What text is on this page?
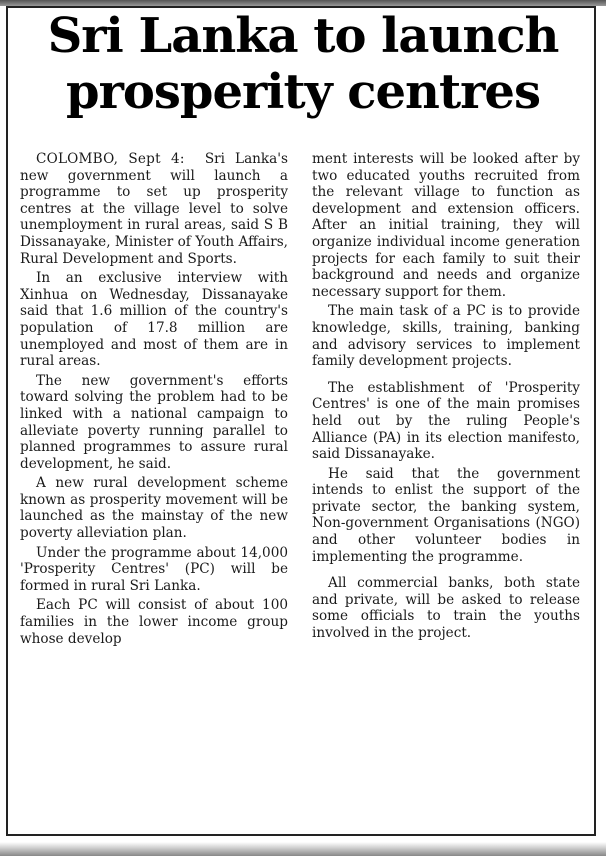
Sri Lanka to launch
prosperity centres

COLOMBO, Sept 4: Sri Lanka's new government will launch a programme to set up prosperity centres at the village level to solve unemployment in rural areas, said S B Dissanayake, Minister of Youth Affairs, Rural Development and Sports.

In an exclusive interview with Xinhua on Wednesday, Dissanayake said that 1.6 million of the country's population of 17.8 million are unemployed and most of them are in rural areas.

The new government's efforts toward solving the problem had to be linked with a national campaign to alleviate poverty running parallel to planned programmes to assure rural development, he said.

A new rural development scheme known as prosperity movement will be launched as the mainstay of the new poverty alleviation plan.

Under the programme about 14,000 'Prosperity Centres' (PC) will be formed in rural Sri Lanka.

Each PC will consist of about 100 families in the lower income group whose develop

ment interests will be looked after by two educated youths recruited from the relevant village to function as development and extension officers. After an initial training, they will organize individual income generation projects for each family to suit their background and needs and organize necessary support for them.

The main task of a PC is to provide knowledge, skills, training, banking and advisory services to implement family development projects.

The establishment of 'Prosperity Centres' is one of the main promises held out by the ruling People's Alliance (PA) in its election manifesto, said Dissanayake.

He said that the government intends to enlist the support of the private sector, the banking system, Non-government Organisations (NGO) and other volunteer bodies in implementing the programme.

All commercial banks, both state and private, will be asked to release some officials to train the youths involved in the project.
